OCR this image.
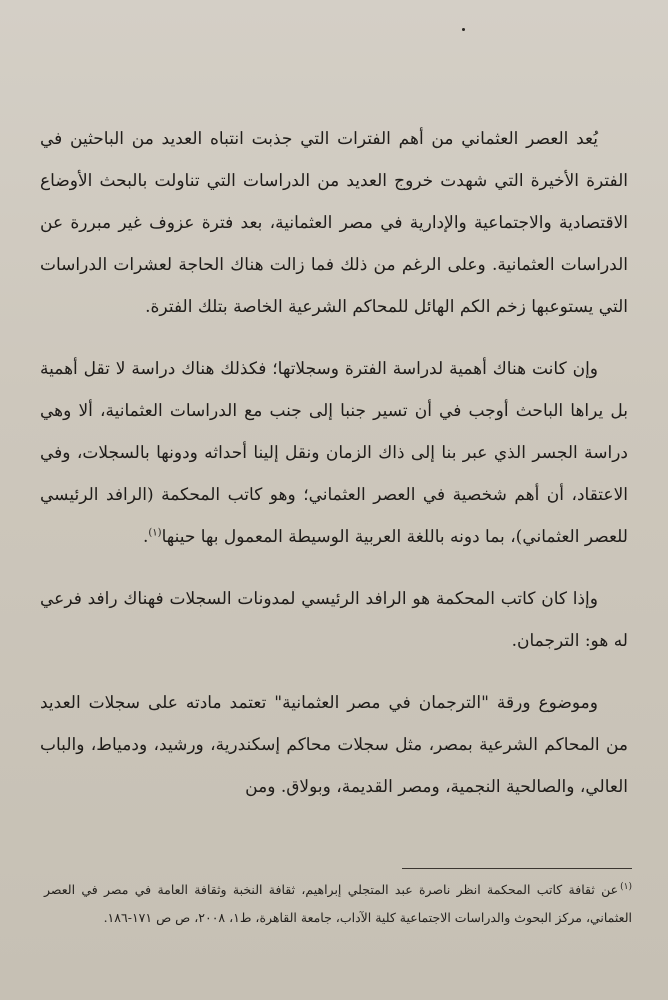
يُعد العصر العثماني من أهم الفترات التي جذبت انتباه العديد من الباحثين في الفترة الأخيرة التي شهدت خروج العديد من الدراسات التي تناولت بالبحث الأوضاع الاقتصادية والاجتماعية والإدارية في مصر العثمانية، بعد فترة عزوف غير مبررة عن الدراسات العثمانية. وعلى الرغم من ذلك فما زالت هناك الحاجة لعشرات الدراسات التي يستوعبها زخم الكم الهائل للمحاكم الشرعية الخاصة بتلك الفترة.

وإن كانت هناك أهمية لدراسة الفترة وسجلاتها؛ فكذلك هناك دراسة لا تقل أهمية بل يراها الباحث أوجب في أن تسير جنبا إلى جنب مع الدراسات العثمانية، ألا وهي دراسة الجسر الذي عبر بنا إلى ذاك الزمان ونقل إلينا أحداثه ودونها بالسجلات، وفي الاعتقاد، أن أهم شخصية في العصر العثماني؛ وهو كاتب المحكمة (الرافد الرئيسي للعصر العثماني)، بما دونه باللغة العربية الوسيطة المعمول بها حينها$^{(١)}$.

وإذا كان كاتب المحكمة هو الرافد الرئيسي لمدونات السجلات فهناك رافد فرعي له هو: الترجمان.

وموضوع ورقة "الترجمان في مصر العثمانية" تعتمد مادته على سجلات العديد من المحاكم الشرعية بمصر، مثل سجلات محاكم إسكندرية، ورشيد، ودمياط، والباب العالي، والصالحية النجمية، ومصر القديمة، وبولاق. ومن

$^{(١)}$عن ثقافة كاتب المحكمة انظر ناصرة عبد المتجلي إبراهيم، ثقافة النخبة وثقافة العامة في مصر في العصر العثماني، مركز البحوث والدراسات الاجتماعية كلية الآداب، جامعة القاهرة، ط١، ٢٠٠٨، ص ص ١٧١-١٨٦.
